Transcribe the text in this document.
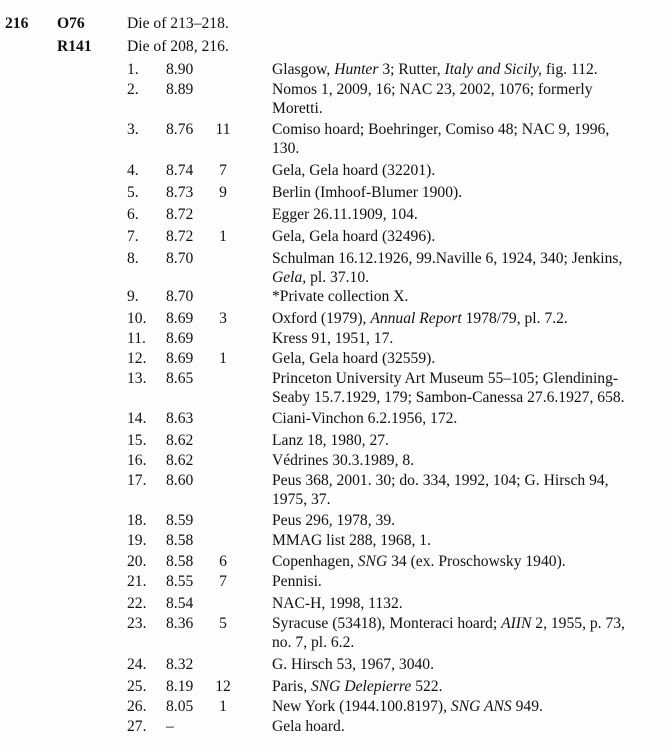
216 O76	Die of 213–218.
R141 Die of 208, 216.
1.	8.90	Glasgow, Hunter 3; Rutter, Italy and Sicily, fig. 112.
2.	8.89	Nomos 1, 2009, 16; NAC 23, 2002, 1076; formerly
Moretti.
3.	8.76	11	Comiso hoard; Boehringer, Comiso 48; NAC 9, 1996,
130.
4.	8.74	7	Gela, Gela hoard (32201).
5.	8.73	9	Berlin (Imhoof-Blumer 1900).
6.	8.72	Egger 26.11.1909, 104.
7.	8.72	1	Gela, Gela hoard (32496).
8.	8.70	Schulman 16.12.1926, 99.Naville 6, 1924, 340; Jenkins,
Gela, pl. 37.10.
9.	8.70	*Private collection X.
10.	8.69	3	Oxford (1979), Annual Report 1978/79, pl. 7.2.
11.	8.69	Kress 91, 1951, 17.
12.	8.69	1	Gela, Gela hoard (32559).
13.	8.65	Princeton University Art Museum 55–105; Glendining-
Seaby 15.7.1929, 179; Sambon-Canessa 27.6.1927, 658.
14.	8.63	Ciani-Vinchon 6.2.1956, 172.
15.	8.62	Lanz 18, 1980, 27.
16.	8.62	Védrines 30.3.1989, 8.
17.	8.60	Peus 368, 2001. 30; do. 334, 1992, 104; G. Hirsch 94,
1975, 37.
18.	8.59	Peus 296, 1978, 39.
19.	8.58	MMAG list 288, 1968, 1.
20.	8.58	6	Copenhagen, SNG 34 (ex. Proschowsky 1940).
21.	8.55	7	Pennisi.
22.	8.54	NAC-H, 1998, 1132.
23.	8.36	5	Syracuse (53418), Monteraci hoard; AIIN 2, 1955, p. 73,
no. 7, pl. 6.2.
24.	8.32	G. Hirsch 53, 1967, 3040.
25.	8.19	12	Paris, SNG Delepierre 522.
26.	8.05	1	New York (1944.100.8197), SNG ANS 949.
27.	–	Gela hoard.
